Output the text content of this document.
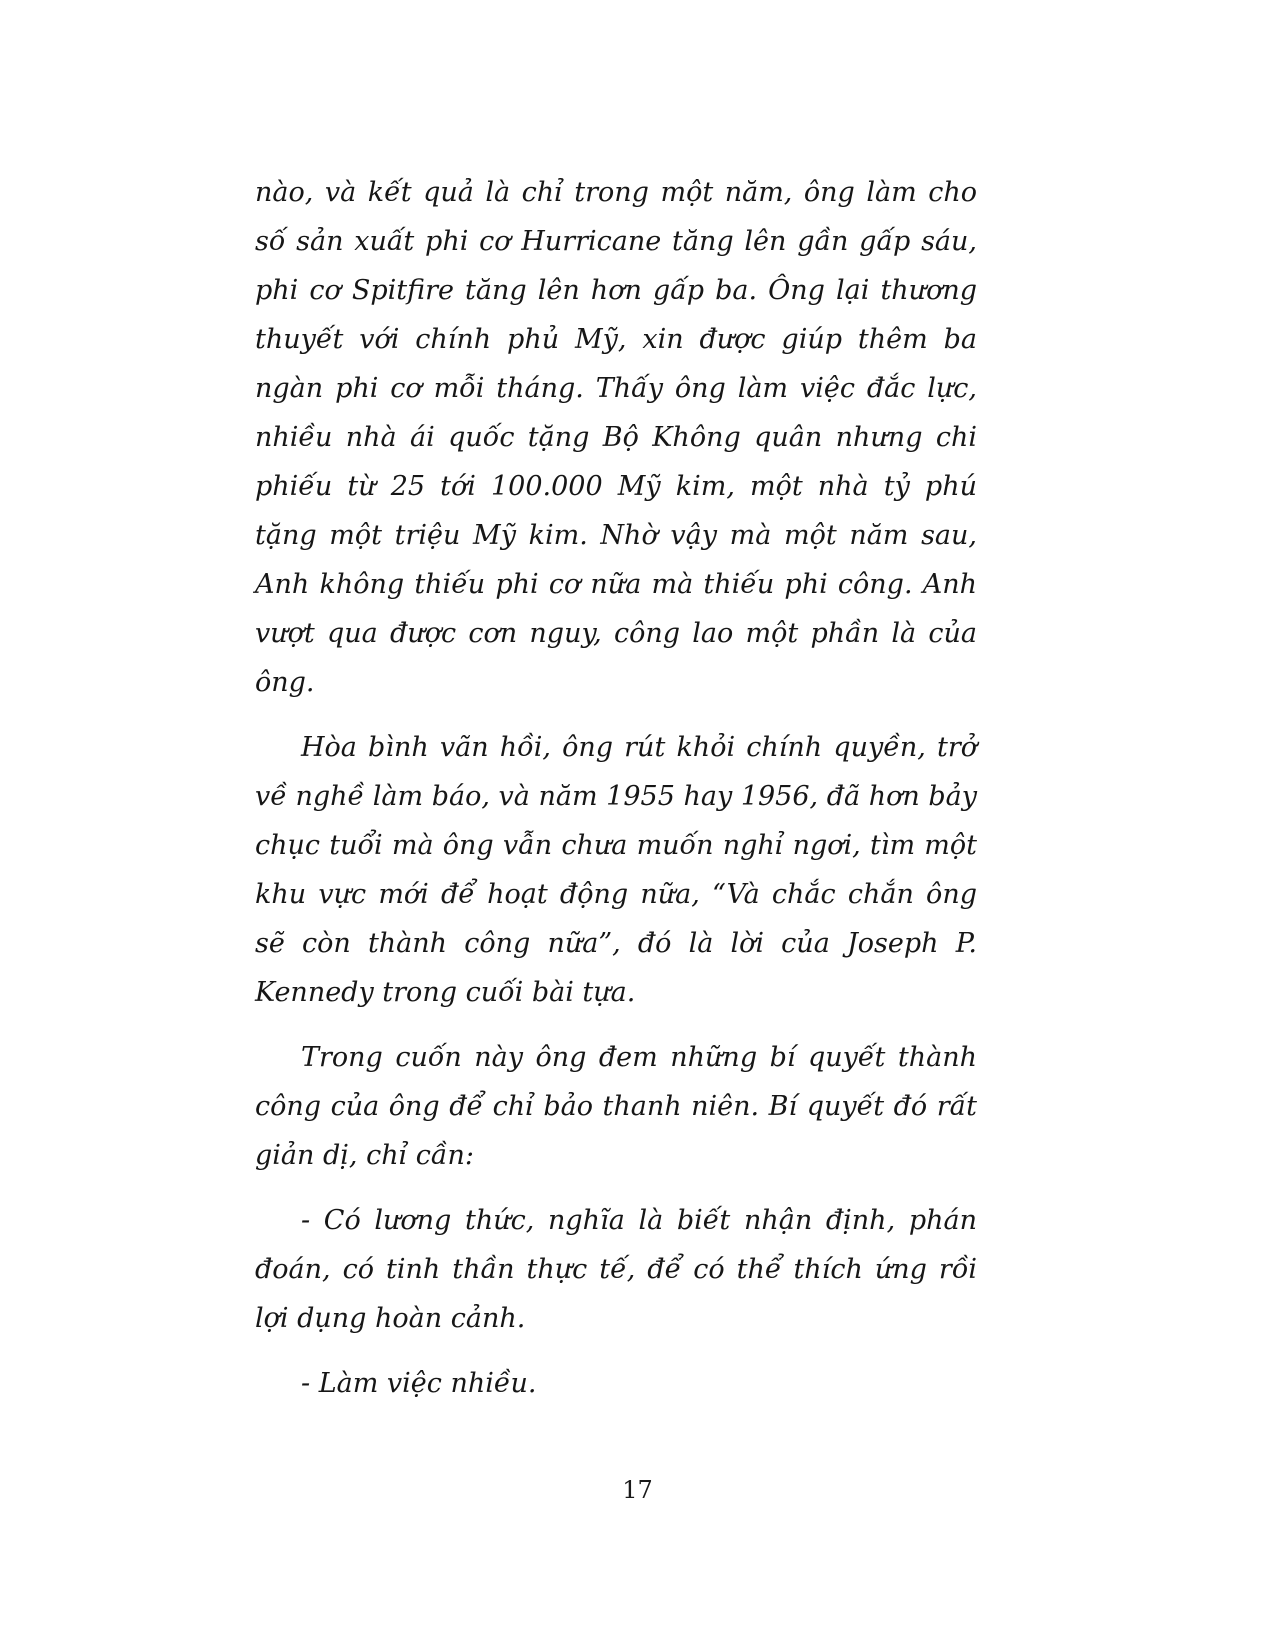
nào, và kết quả là chỉ trong một năm, ông làm cho số sản xuất phi cơ Hurricane tăng lên gần gấp sáu, phi cơ Spitfire tăng lên hơn gấp ba. Ông lại thương thuyết với chính phủ Mỹ, xin được giúp thêm ba ngàn phi cơ mỗi tháng. Thấy ông làm việc đắc lực, nhiều nhà ái quốc tặng Bộ Không quân nhưng chi phiếu từ 25 tới 100.000 Mỹ kim, một nhà tỷ phú tặng một triệu Mỹ kim. Nhờ vậy mà một năm sau, Anh không thiếu phi cơ nữa mà thiếu phi công. Anh vượt qua được cơn nguy, công lao một phần là của ông.

Hòa bình vãn hồi, ông rút khỏi chính quyền, trở về nghề làm báo, và năm 1955 hay 1956, đã hơn bảy chục tuổi mà ông vẫn chưa muốn nghỉ ngơi, tìm một khu vực mới để hoạt động nữa, “Và chắc chắn ông sẽ còn thành công nữa”, đó là lời của Joseph P. Kennedy trong cuối bài tựa.

Trong cuốn này ông đem những bí quyết thành công của ông để chỉ bảo thanh niên. Bí quyết đó rất giản dị, chỉ cần:

- Có lương thức, nghĩa là biết nhận định, phán đoán, có tinh thần thực tế, để có thể thích ứng rồi lợi dụng hoàn cảnh.

- Làm việc nhiều.

17
